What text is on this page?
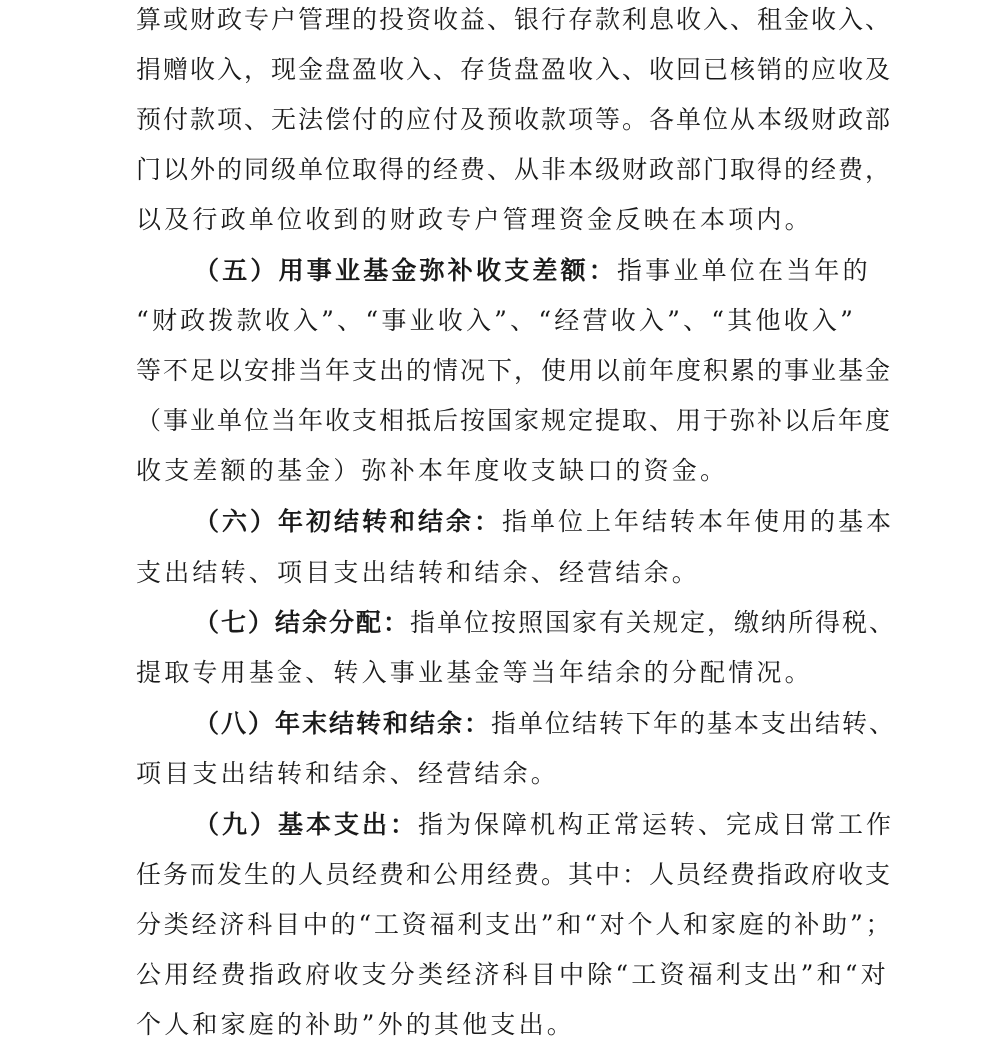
算或财政专户管理的投资收益、银行存款利息收入、租金收入、
捐赠收入，现金盘盈收入、存货盘盈收入、收回已核销的应收及
预付款项、无法偿付的应付及预收款项等。各单位从本级财政部
门以外的同级单位取得的经费、从非本级财政部门取得的经费，
以及行政单位收到的财政专户管理资金反映在本项内。
（五）用事业基金弥补收支差额：指事业单位在当年的
“财政拨款收入”、“事业收入”、“经营收入”、“其他收入”
等不足以安排当年支出的情况下，使用以前年度积累的事业基金
（事业单位当年收支相抵后按国家规定提取、用于弥补以后年度
收支差额的基金）弥补本年度收支缺口的资金。
（六）年初结转和结余：指单位上年结转本年使用的基本
支出结转、项目支出结转和结余、经营结余。
（七）结余分配：指单位按照国家有关规定，缴纳所得税、
提取专用基金、转入事业基金等当年结余的分配情况。
（八）年末结转和结余：指单位结转下年的基本支出结转、
项目支出结转和结余、经营结余。
（九）基本支出：指为保障机构正常运转、完成日常工作
任务而发生的人员经费和公用经费。其中：人员经费指政府收支
分类经济科目中的“工资福利支出”和“对个人和家庭的补助”；
公用经费指政府收支分类经济科目中除“工资福利支出”和“对
个人和家庭的补助”外的其他支出。
